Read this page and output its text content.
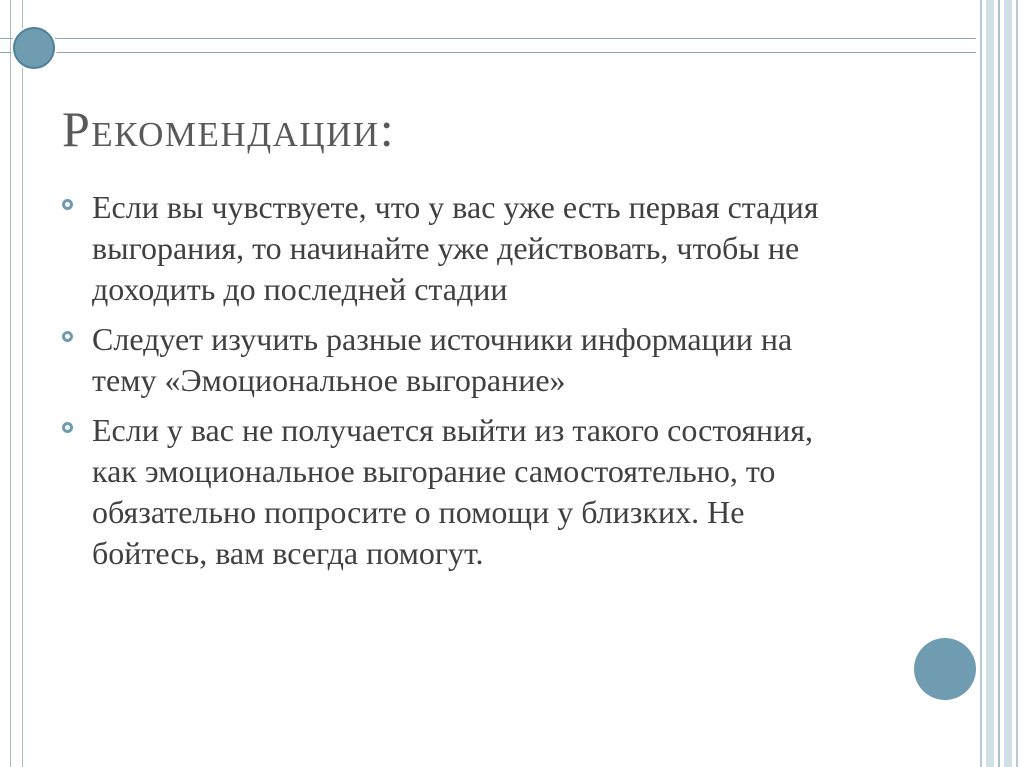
Рекомендации:
Если вы чувствуете, что у вас уже есть первая стадия
выгорания, то начинайте уже действовать, чтобы не
доходить до последней стадии
Следует изучить разные источники информации на
тему «Эмоциональное выгорание»
Если у вас не получается выйти из такого состояния,
как эмоциональное выгорание самостоятельно, то
обязательно попросите о помощи у близких. Не
бойтесь, вам всегда помогут.
